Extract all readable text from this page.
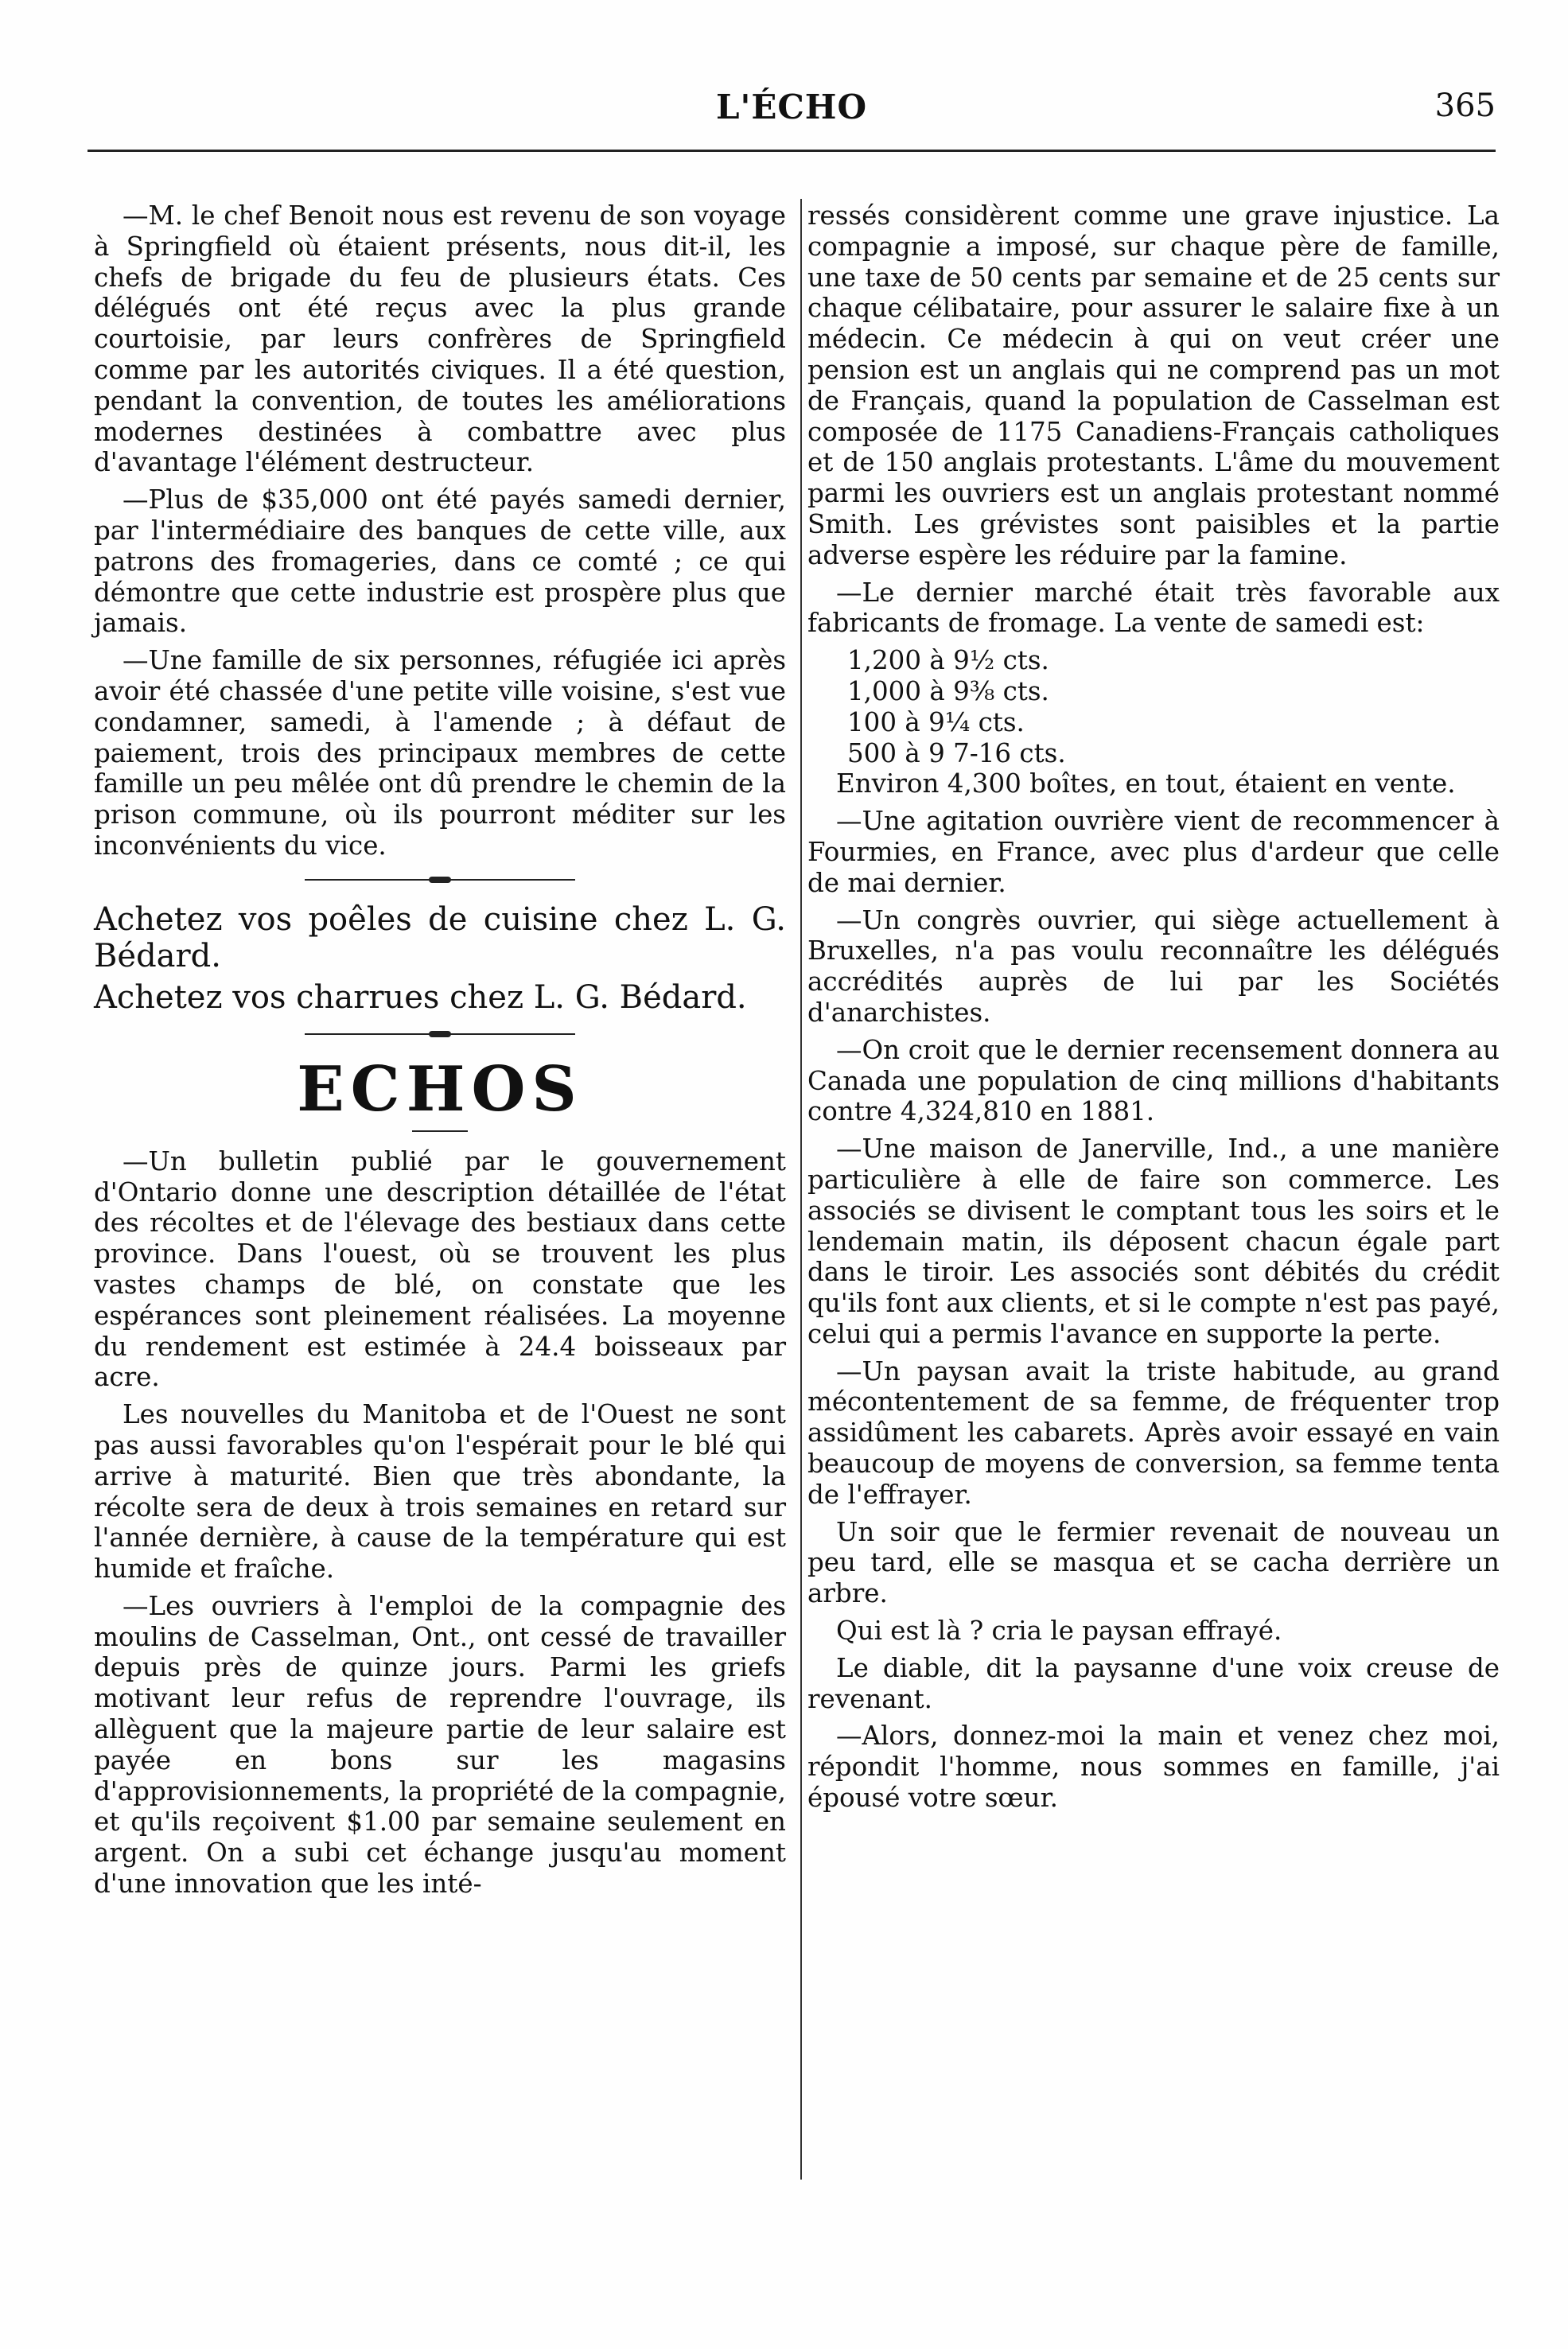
L'ÉCHO	365

—M. le chef Benoit nous est revenu de son voyage à Springfield où étaient présents, nous dit-il, les chefs de brigade du feu de plusieurs états. Ces délégués ont été reçus avec la plus grande courtoisie, par leurs confrères de Springfield comme par les autorités civiques. Il a été question, pendant la convention, de toutes les améliorations modernes destinées à combattre avec plus d'avantage l'élément destructeur.

—Plus de $35,000 ont été payés samedi dernier, par l'intermédiaire des banques de cette ville, aux patrons des fromageries, dans ce comté ; ce qui démontre que cette industrie est prospère plus que jamais.

—Une famille de six personnes, réfugiée ici après avoir été chassée d'une petite ville voisine, s'est vue condamner, samedi, à l'amende ; à défaut de paiement, trois des principaux membres de cette famille un peu mêlée ont dû prendre le chemin de la prison commune, où ils pourront méditer sur les inconvénients du vice.

Achetez vos poêles de cuisine chez L. G. Bédard.

Achetez vos charrues chez L. G. Bédard.

ECHOS

—Un bulletin publié par le gouvernement d'Ontario donne une description détaillée de l'état des récoltes et de l'élevage des bestiaux dans cette province. Dans l'ouest, où se trouvent les plus vastes champs de blé, on constate que les espérances sont pleinement réalisées. La moyenne du rendement est estimée à 24.4 boisseaux par acre.

Les nouvelles du Manitoba et de l'Ouest ne sont pas aussi favorables qu'on l'espérait pour le blé qui arrive à maturité. Bien que très abondante, la récolte sera de deux à trois semaines en retard sur l'année dernière, à cause de la température qui est humide et fraîche.

—Les ouvriers à l'emploi de la compagnie des moulins de Casselman, Ont., ont cessé de travailler depuis près de quinze jours. Parmi les griefs motivant leur refus de reprendre l'ouvrage, ils allèguent que la majeure partie de leur salaire est payée en bons sur les magasins d'approvisionnements, la propriété de la compagnie, et qu'ils reçoivent $1.00 par semaine seulement en argent. On a subi cet échange jusqu'au moment d'une innovation que les inté-

ressés considèrent comme une grave injustice. La compagnie a imposé, sur chaque père de famille, une taxe de 50 cents par semaine et de 25 cents sur chaque célibataire, pour assurer le salaire fixe à un médecin. Ce médecin à qui on veut créer une pension est un anglais qui ne comprend pas un mot de Français, quand la population de Casselman est composée de 1175 Canadiens-Français catholiques et de 150 anglais protestants. L'âme du mouvement parmi les ouvriers est un anglais protestant nommé Smith. Les grévistes sont paisibles et la partie adverse espère les réduire par la famine.

—Le dernier marché était très favorable aux fabricants de fromage. La vente de samedi est:

1,200 à 9½ cts.
1,000 à 9⅜ cts.
100 à 9¼ cts.
500 à 9 7-16 cts.

Environ 4,300 boîtes, en tout, étaient en vente.

—Une agitation ouvrière vient de recommencer à Fourmies, en France, avec plus d'ardeur que celle de mai dernier.

—Un congrès ouvrier, qui siège actuellement à Bruxelles, n'a pas voulu reconnaître les délégués accrédités auprès de lui par les Sociétés d'anarchistes.

—On croit que le dernier recensement donnera au Canada une population de cinq millions d'habitants contre 4,324,810 en 1881.

—Une maison de Janerville, Ind., a une manière particulière à elle de faire son commerce. Les associés se divisent le comptant tous les soirs et le lendemain matin, ils déposent chacun égale part dans le tiroir. Les associés sont débités du crédit qu'ils font aux clients, et si le compte n'est pas payé, celui qui a permis l'avance en supporte la perte.

—Un paysan avait la triste habitude, au grand mécontentement de sa femme, de fréquenter trop assidûment les cabarets. Après avoir essayé en vain beaucoup de moyens de conversion, sa femme tenta de l'effrayer.

Un soir que le fermier revenait de nouveau un peu tard, elle se masqua et se cacha derrière un arbre.

Qui est là ? cria le paysan effrayé.

Le diable, dit la paysanne d'une voix creuse de revenant.

—Alors, donnez-moi la main et venez chez moi, répondit l'homme, nous sommes en famille, j'ai épousé votre sœur.
